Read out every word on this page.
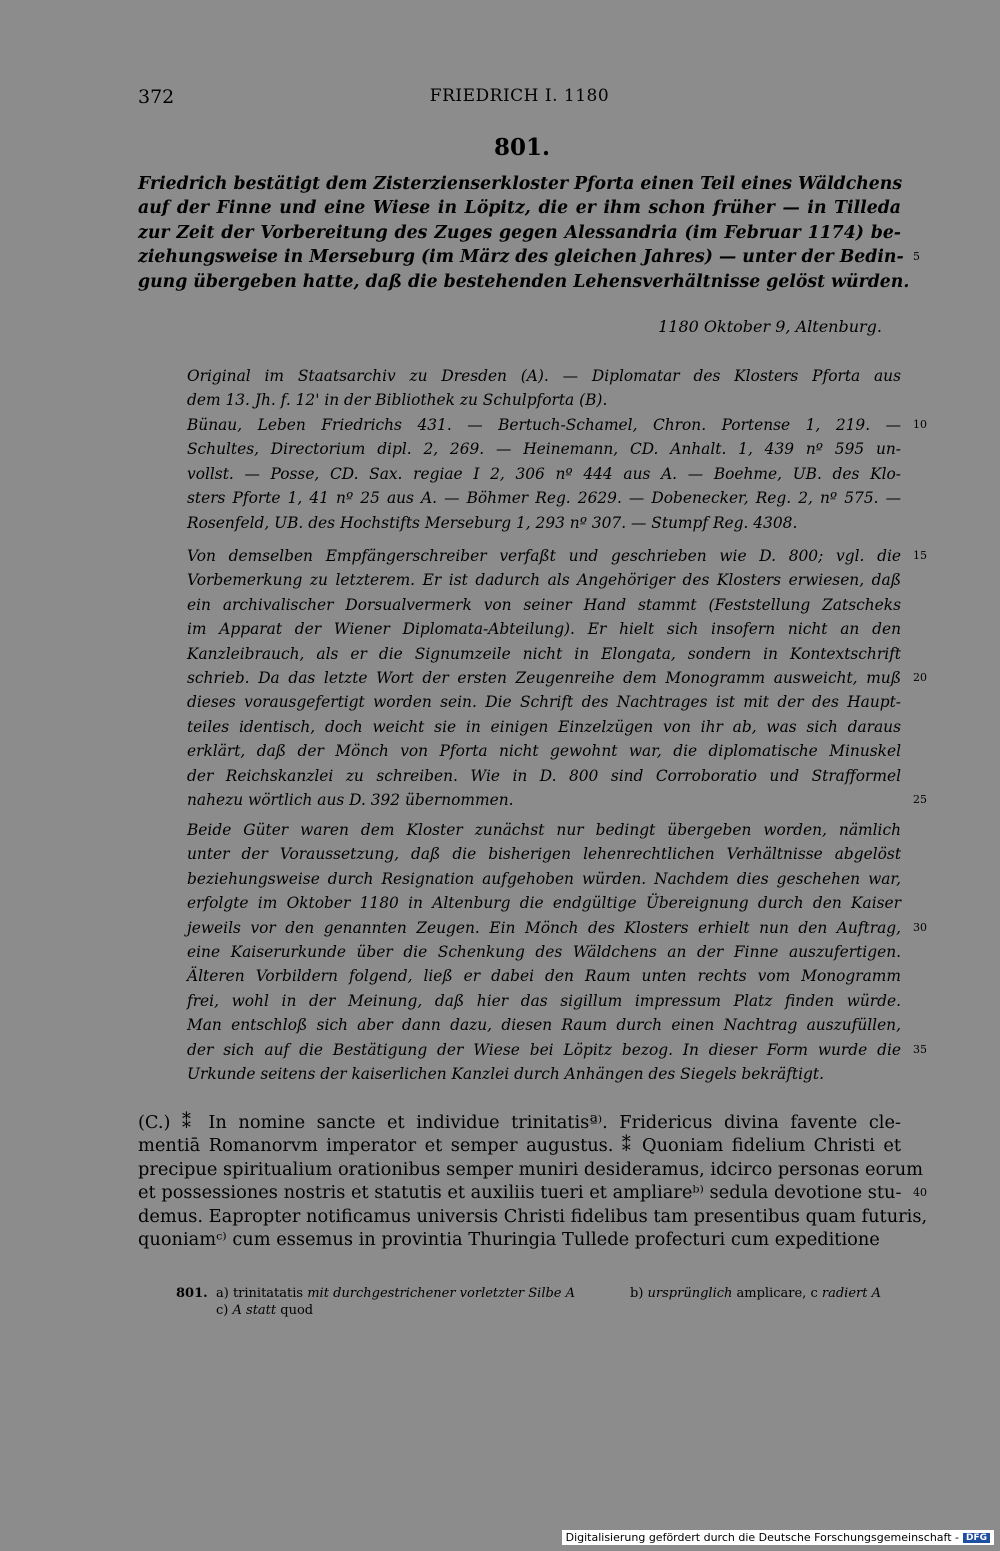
372	FRIEDRICH I. 1180
801.
Friedrich bestätigt dem Zisterzienserkloster Pforta einen Teil eines Wäldchens
auf der Finne und eine Wiese in Löpitz, die er ihm schon früher — in Tilleda
zur Zeit der Vorbereitung des Zuges gegen Alessandria (im Februar 1174) be-
ziehungsweise in Merseburg (im März des gleichen Jahres) — unter der Bedin- 5
gung übergeben hatte, daß die bestehenden Lehensverhältnisse gelöst würden.
1180 Oktober 9, Altenburg.
Original im Staatsarchiv zu Dresden (A). — Diplomatar des Klosters Pforta aus
dem 13. Jh. f. 12' in der Bibliothek zu Schulpforta (B).
Bünau, Leben Friedrichs 431. — Bertuch-Schamel, Chron. Portense 1, 219. — 10
Schultes, Directorium dipl. 2, 269. — Heinemann, CD. Anhalt. 1, 439 nº 595 un-
vollst. — Posse, CD. Sax. regiae I 2, 306 nº 444 aus A. — Boehme, UB. des Klo-
sters Pforte 1, 41 nº 25 aus A. — Böhmer Reg. 2629. — Dobenecker, Reg. 2, nº 575. —
Rosenfeld, UB. des Hochstifts Merseburg 1, 293 nº 307. — Stumpf Reg. 4308.
Von demselben Empfängerschreiber verfaßt und geschrieben wie D. 800; vgl. die 15
Vorbemerkung zu letzterem. Er ist dadurch als Angehöriger des Klosters erwiesen, daß
ein archivalischer Dorsualvermerk von seiner Hand stammt (Feststellung Zatscheks
im Apparat der Wiener Diplomata-Abteilung). Er hielt sich insofern nicht an den
Kanzleibrauch, als er die Signumzeile nicht in Elongata, sondern in Kontextschrift
schrieb. Da das letzte Wort der ersten Zeugenreihe dem Monogramm ausweicht, muß 20
dieses vorausgefertigt worden sein. Die Schrift des Nachtrages ist mit der des Haupt-
teiles identisch, doch weicht sie in einigen Einzelzügen von ihr ab, was sich daraus
erklärt, daß der Mönch von Pforta nicht gewohnt war, die diplomatische Minuskel
der Reichskanzlei zu schreiben. Wie in D. 800 sind Corroboratio und Strafformel
nahezu wörtlich aus D. 392 übernommen.	25
Beide Güter waren dem Kloster zunächst nur bedingt übergeben worden, nämlich
unter der Voraussetzung, daß die bisherigen lehenrechtlichen Verhältnisse abgelöst
beziehungsweise durch Resignation aufgehoben würden. Nachdem dies geschehen war,
erfolgte im Oktober 1180 in Altenburg die endgültige Übereignung durch den Kaiser
jeweils vor den genannten Zeugen. Ein Mönch des Klosters erhielt nun den Auftrag, 30
eine Kaiserurkunde über die Schenkung des Wäldchens an der Finne auszufertigen.
Älteren Vorbildern folgend, ließ er dabei den Raum unten rechts vom Monogramm
frei, wohl in der Meinung, daß hier das sigillum impressum Platz finden würde.
Man entschloß sich aber dann dazu, diesen Raum durch einen Nachtrag auszufüllen,
der sich auf die Bestätigung der Wiese bei Löpitz bezog. In dieser Form wurde die 35
Urkunde seitens der kaiserlichen Kanzlei durch Anhängen des Siegels bekräftigt.
(C.) ⁑ In nomine sancte et individue trinitatisª⁾. Fridericus divina favente cle-
mentiā Romanorvm imperator et semper augustus. ⁑ Quoniam fidelium Christi et
precipue spiritualium orationibus semper muniri desideramus, idcirco personas eorum
et possessiones nostris et statutis et auxiliis tueri et ampliareᵇ⁾ sedula devotione stu- 40
demus. Eapropter notificamus universis Christi fidelibus tam presentibus quam futuris,
quoniamᶜ⁾ cum essemus in provintia Thuringia Tullede profecturi cum expeditione
801. a) trinitatatis mit durchgestrichener vorletzter Silbe A	b) ursprünglich amplicare, c radiert A
c) A statt quod
Digitalisierung gefördert durch die Deutsche Forschungsgemeinschaft - DFG
